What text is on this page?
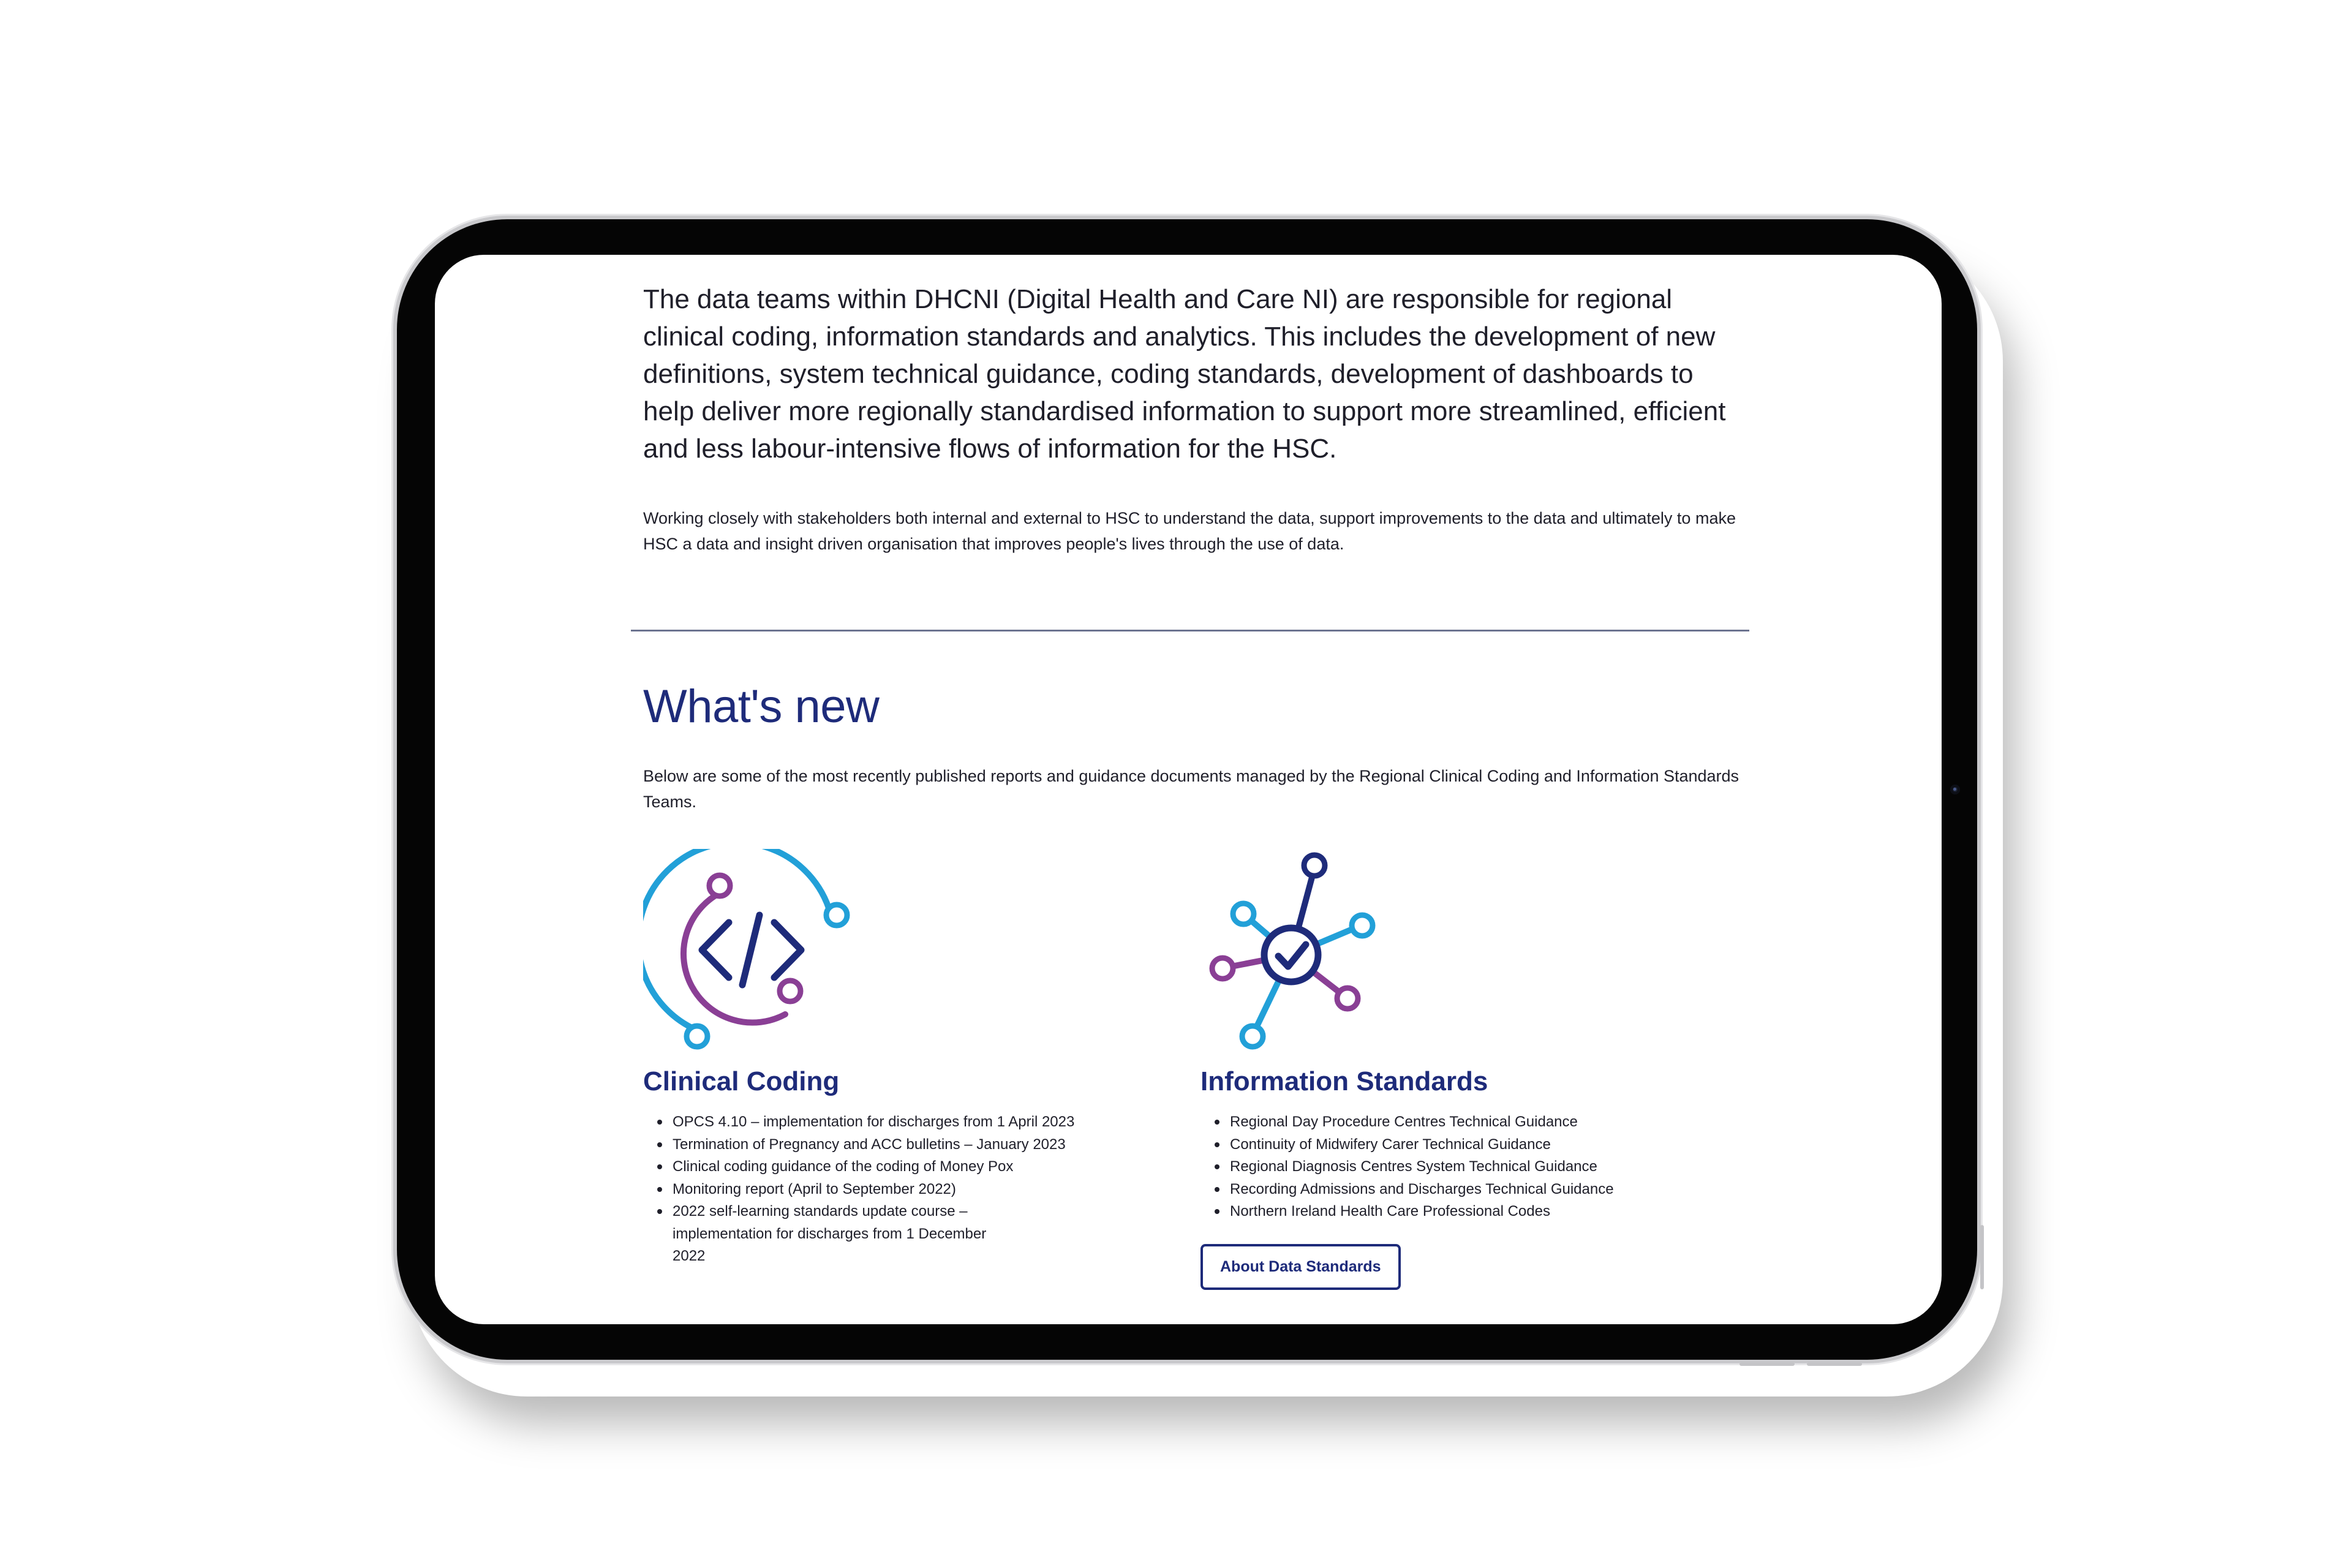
The data teams within DHCNI (Digital Health and Care NI) are responsible for regional clinical coding, information standards and analytics. This includes the development of new definitions, system technical guidance, coding standards, development of dashboards to help deliver more regionally standardised information to support more streamlined, efficient and less labour-intensive flows of information for the HSC.

Working closely with stakeholders both internal and external to HSC to understand the data, support improvements to the data and ultimately to make HSC a data and insight driven organisation that improves people's lives through the use of data.

What's new

Below are some of the most recently published reports and guidance documents managed by the Regional Clinical Coding and Information Standards Teams.

Clinical Coding
OPCS 4.10 – implementation for discharges from 1 April 2023
Termination of Pregnancy and ACC bulletins – January 2023
Clinical coding guidance of the coding of Money Pox
Monitoring report (April to September 2022)
2022 self-learning standards update course – implementation for discharges from 1 December 2022
Information Standards
Regional Day Procedure Centres Technical Guidance
Continuity of Midwifery Carer Technical Guidance
Regional Diagnosis Centres System Technical Guidance
Recording Admissions and Discharges Technical Guidance
Northern Ireland Health Care Professional Codes
About Data Standards
